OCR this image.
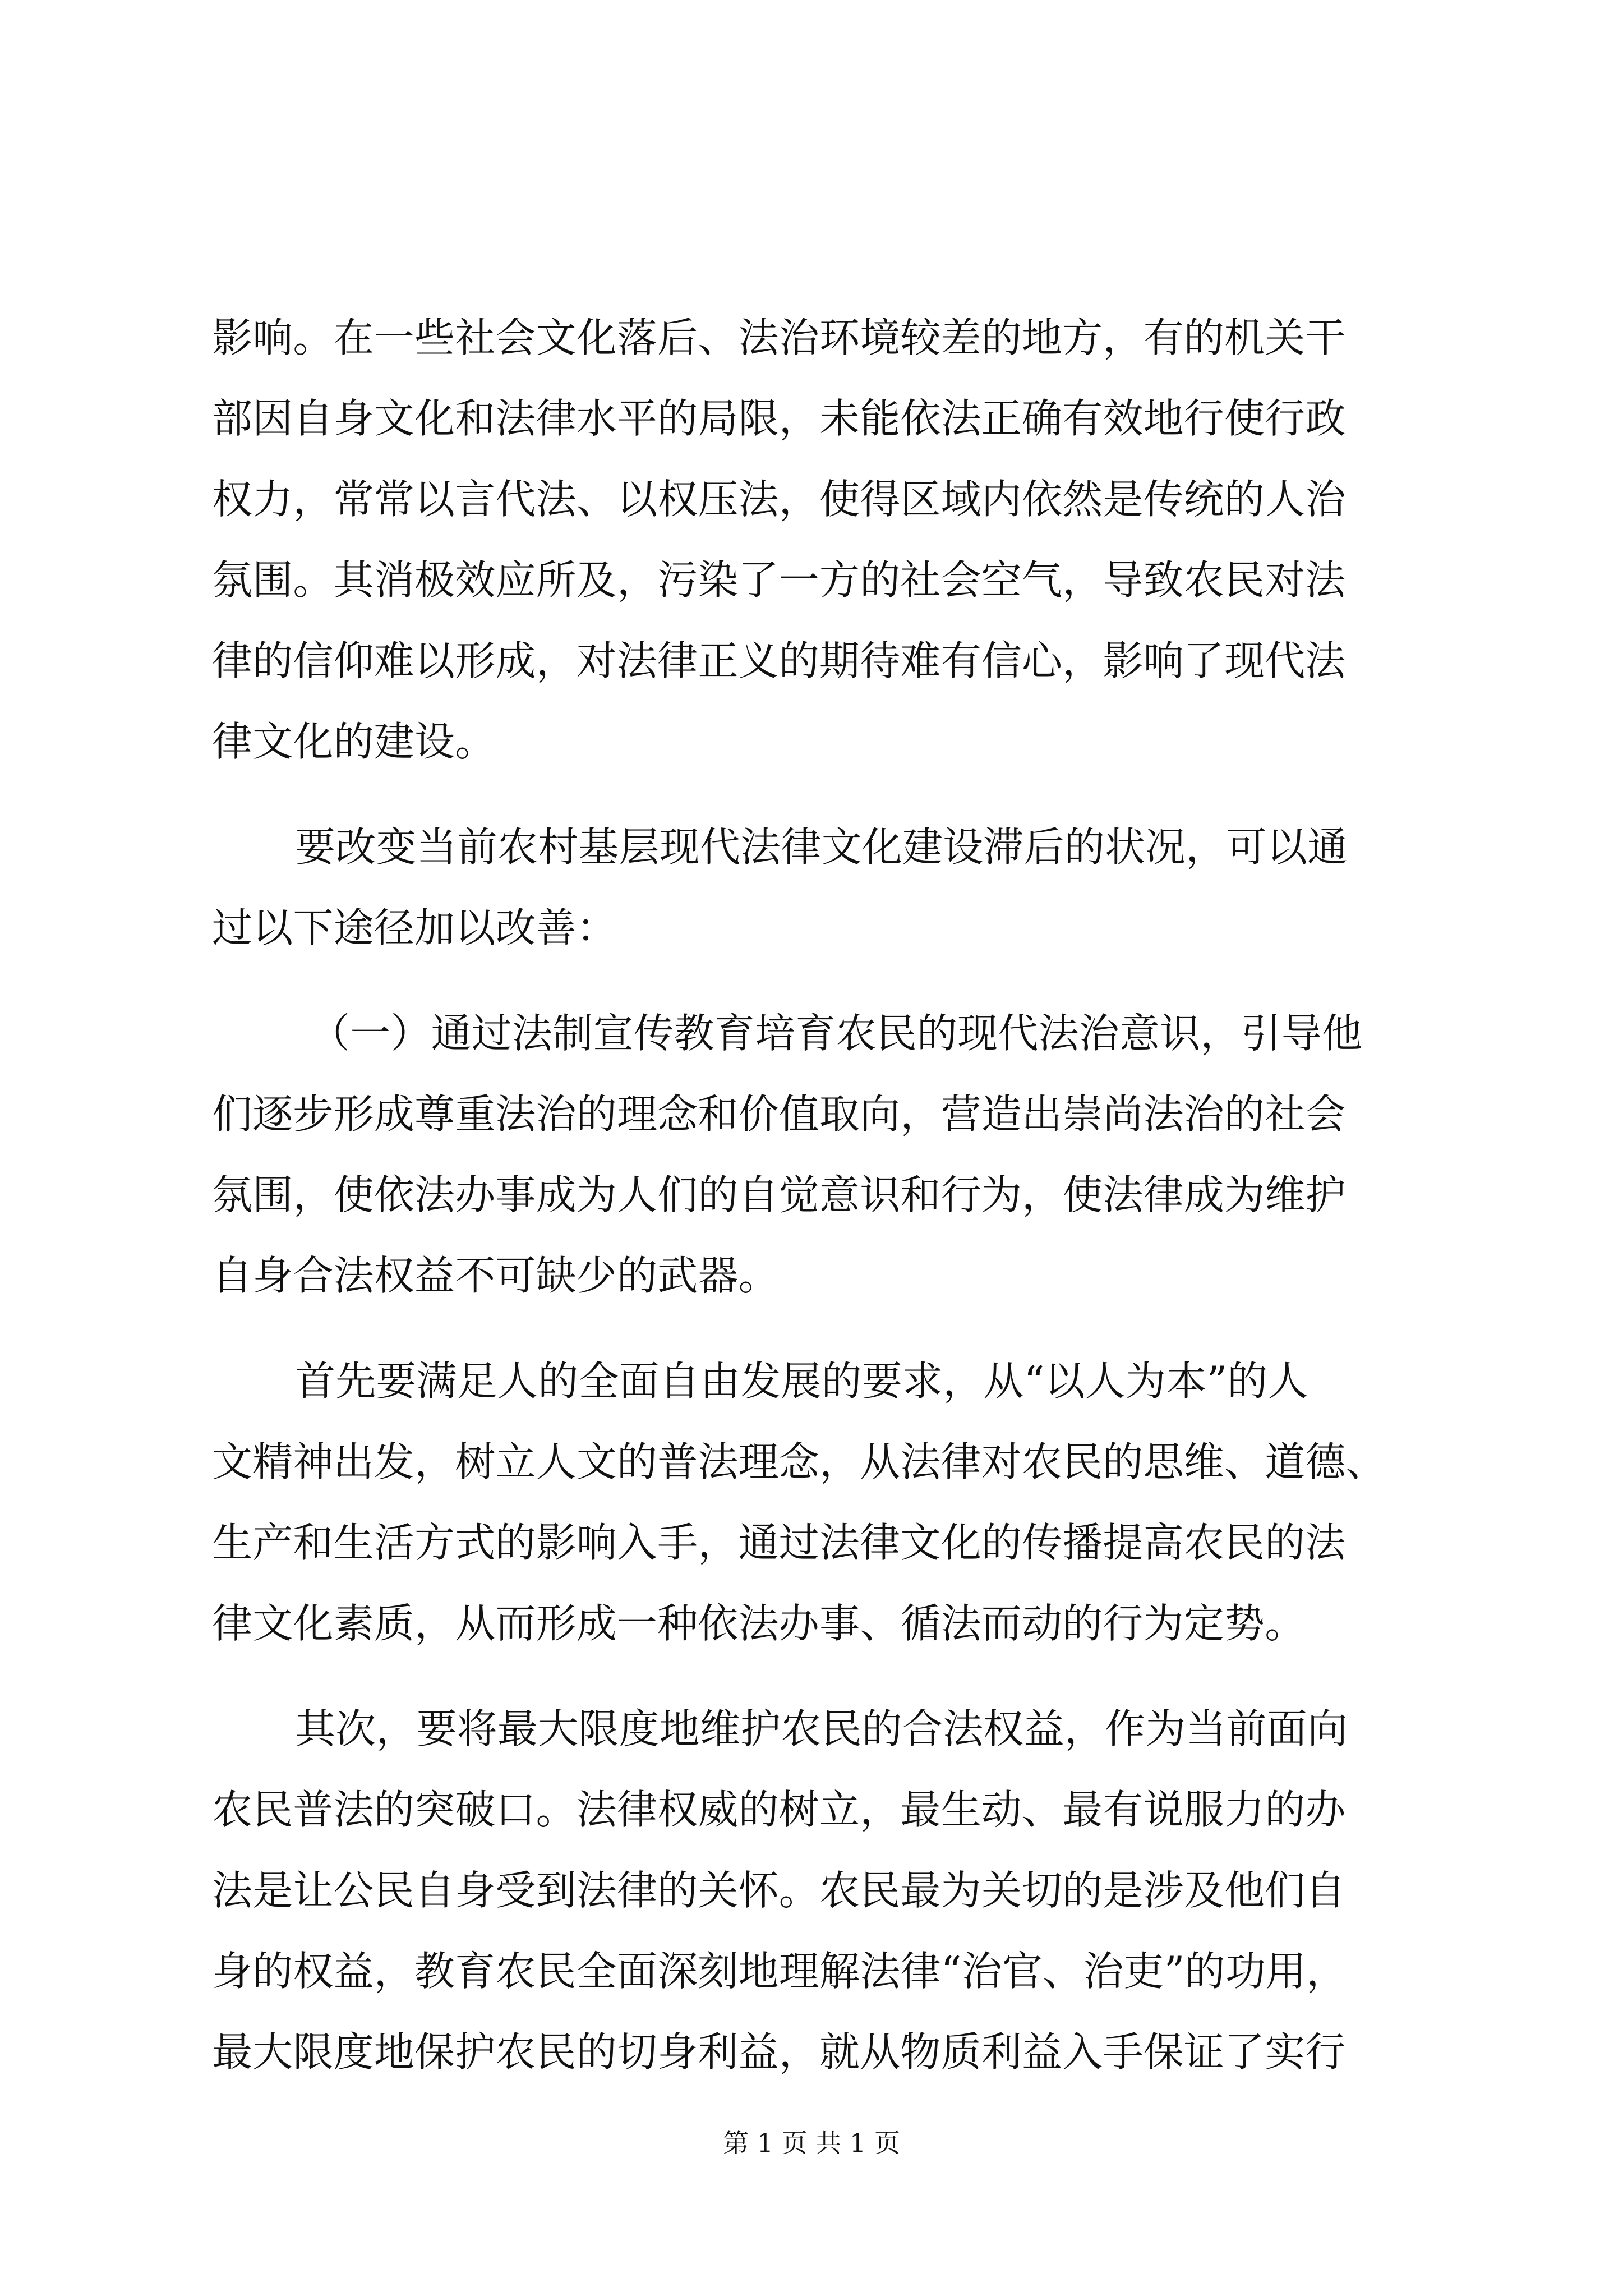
影响。在一些社会文化落后、法治环境较差的地方，有的机关干
部因自身文化和法律水平的局限，未能依法正确有效地行使行政
权力，常常以言代法、以权压法，使得区域内依然是传统的人治
氛围。其消极效应所及，污染了一方的社会空气，导致农民对法
律的信仰难以形成，对法律正义的期待难有信心，影响了现代法
律文化的建设。
要改变当前农村基层现代法律文化建设滞后的状况，可以通
过以下途径加以改善：
（一）通过法制宣传教育培育农民的现代法治意识，引导他
们逐步形成尊重法治的理念和价值取向，营造出崇尚法治的社会
氛围，使依法办事成为人们的自觉意识和行为，使法律成为维护
自身合法权益不可缺少的武器。
首先要满足人的全面自由发展的要求，从“以人为本”的人
文精神出发，树立人文的普法理念，从法律对农民的思维、道德、
生产和生活方式的影响入手，通过法律文化的传播提高农民的法
律文化素质，从而形成一种依法办事、循法而动的行为定势。
其次，要将最大限度地维护农民的合法权益，作为当前面向
农民普法的突破口。法律权威的树立，最生动、最有说服力的办
法是让公民自身受到法律的关怀。农民最为关切的是涉及他们自
身的权益，教育农民全面深刻地理解法律“治官、治吏”的功用，
最大限度地保护农民的切身利益，就从物质利益入手保证了实行
第 1 页 共 1 页
